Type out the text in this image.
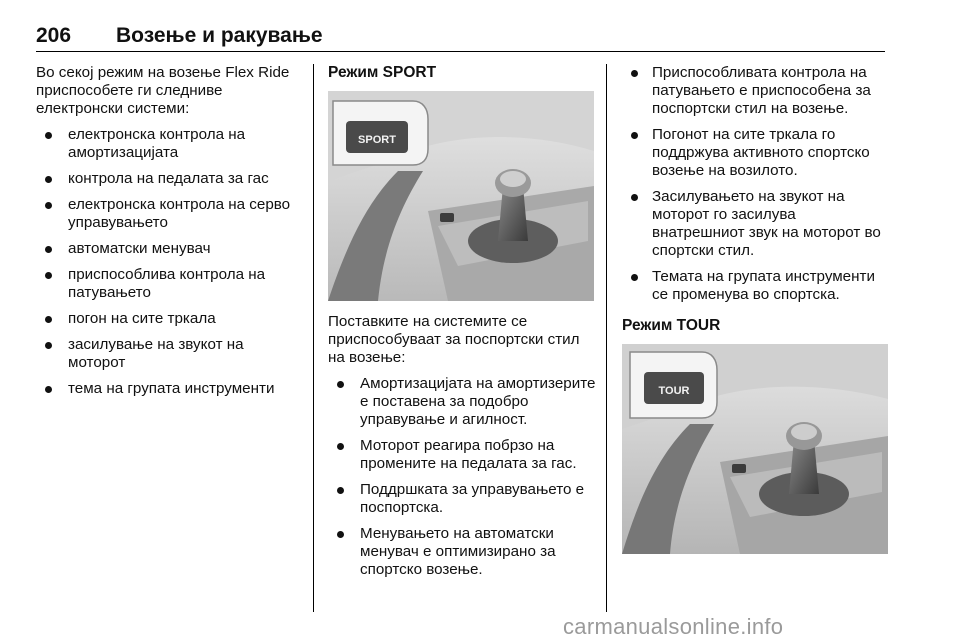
206 Возење и ракување

Во секој режим на возење Flex Ride приспособете ги следниве електронски системи:

електронска контрола на амортизацијата
контрола на педалата за гас
електронска контрола на серво управувањето
автоматски менувач
приспособлива контрола на патувањето
погон на сите тркала
засилување на звукот на моторот
тема на групата инструменти

Режим SPORT

SPORT

Поставките на системите се приспособуваат за поспортски стил на возење:

Амортизацијата на амортизерите е поставена за подобро управување и агилност.
Моторот реагира побрзо на промените на педалата за гас.
Поддршката за управувањето е поспортска.
Менувањето на автоматски менувач е оптимизирано за спортско возење.
Приспособливата контрола на патувањето е приспособена за поспортски стил на возење.
Погонот на сите тркала го поддржува активното спортско возење на возилото.
Засилувањето на звукот на моторот го засилува внатрешниот звук на моторот во спортски стил.
Темата на групата инструменти се променува во спортска.

Режим TOUR

TOUR
carmanualsonline.info
